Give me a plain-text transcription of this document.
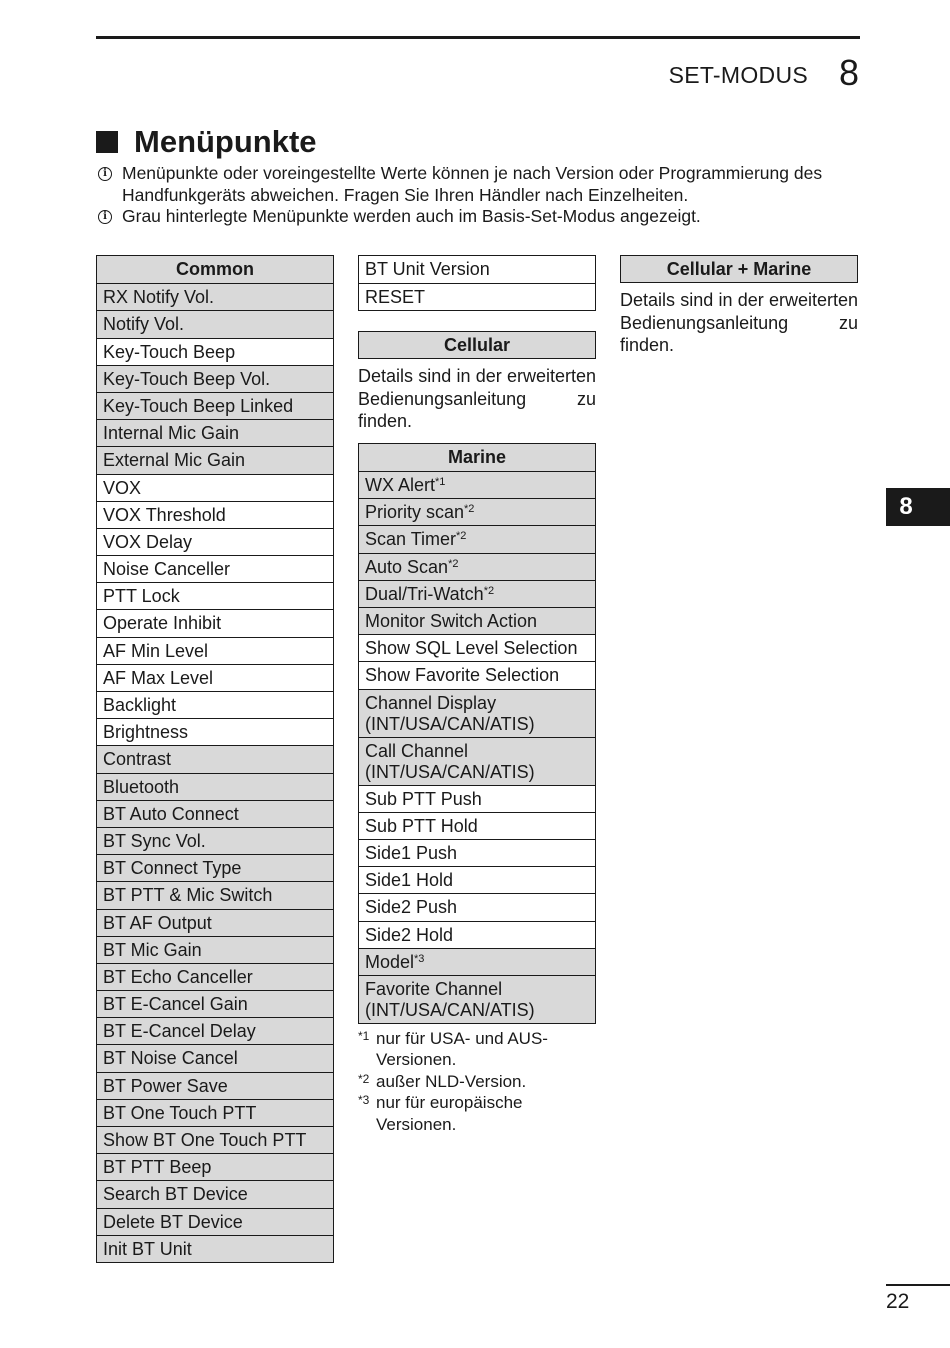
SET-MODUS 8
Menüpunkte
i Menüpunkte oder voreingestellte Werte können je nach Version oder Programmierung des Handfunkgeräts abweichen. Fragen Sie Ihren Händler nach Einzelheiten.
i Grau hinterlegte Menüpunkte werden auch im Basis-Set-Modus angezeigt.
Common
RX Notify Vol.
Notify Vol.
Key-Touch Beep
Key-Touch Beep Vol.
Key-Touch Beep Linked
Internal Mic Gain
External Mic Gain
VOX
VOX Threshold
VOX Delay
Noise Canceller
PTT Lock
Operate Inhibit
AF Min Level
AF Max Level
Backlight
Brightness
Contrast
Bluetooth
BT Auto Connect
BT Sync Vol.
BT Connect Type
BT PTT & Mic Switch
BT AF Output
BT Mic Gain
BT Echo Canceller
BT E-Cancel Gain
BT E-Cancel Delay
BT Noise Cancel
BT Power Save
BT One Touch PTT
Show BT One Touch PTT
BT PTT Beep
Search BT Device
Delete BT Device
Init BT Unit
BT Unit Version
RESET
Cellular
Details sind in der erweiterten Bedienungsanleitung zu finden.
Marine
WX Alert$^{*1}$
Priority scan$^{*2}$
Scan Timer$^{*2}$
Auto Scan$^{*2}$
Dual/Tri-Watch$^{*2}$
Monitor Switch Action
Show SQL Level Selection
Show Favorite Selection
Channel Display (INT/USA/CAN/ATIS)
Call Channel (INT/USA/CAN/ATIS)
Sub PTT Push
Sub PTT Hold
Side1 Push
Side1 Hold
Side2 Push
Side2 Hold
Model$^{*3}$
Favorite Channel (INT/USA/CAN/ATIS)
*1 nur für USA- und AUS-Versionen.
*2 außer NLD-Version.
*3 nur für europäische Versionen.
Cellular + Marine
Details sind in der erweiterten Bedienungsanleitung zu finden.
8
22
